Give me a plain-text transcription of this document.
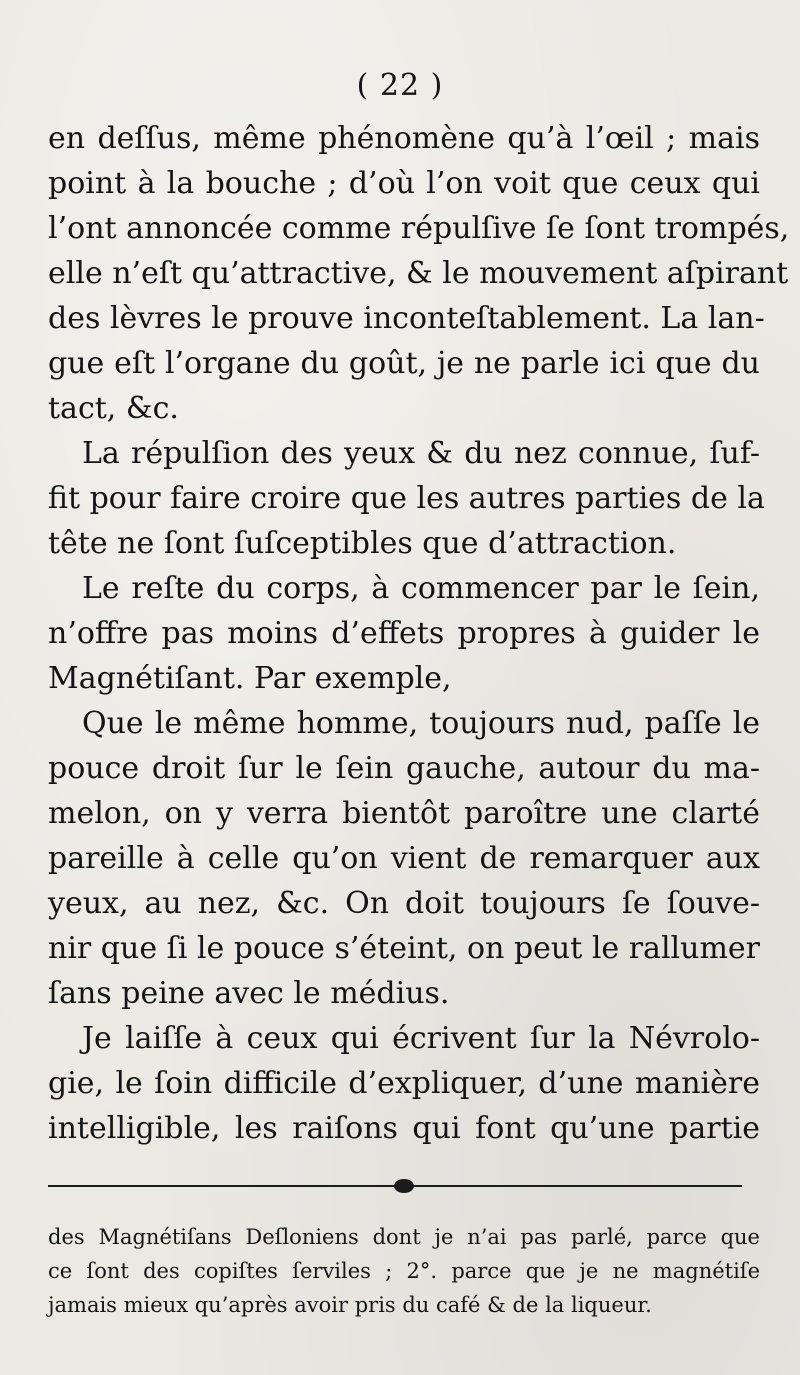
( 22 )
en deſſus, même phénomène qu’à l’œil ; mais
point à la bouche ; d’où l’on voit que ceux qui
l’ont annoncée comme répulſive ſe ſont trompés,
elle n’eſt qu’attractive, & le mouvement aſpirant
des lèvres le prouve inconteſtablement. La lan-
gue eſt l’organe du goût, je ne parle ici que du
tact, &c.
La répulſion des yeux & du nez connue, ſuf-
fit pour faire croire que les autres parties de la
tête ne ſont ſuſceptibles que d’attraction.
Le reſte du corps, à commencer par le ſein,
n’offre pas moins d’effets propres à guider le
Magnétiſant. Par exemple,
Que le même homme, toujours nud, paſſe le
pouce droit ſur le ſein gauche, autour du ma-
melon, on y verra bientôt paroître une clarté
pareille à celle qu’on vient de remarquer aux
yeux, au nez, &c. On doit toujours ſe ſouve-
nir que ſi le pouce s’éteint, on peut le rallumer
ſans peine avec le médius.
Je laiſſe à ceux qui écrivent ſur la Névrolo-
gie, le ſoin difficile d’expliquer, d’une manière
intelligible, les raiſons qui font qu’une partie
des Magnétiſans Deſloniens dont je n’ai pas parlé, parce que
ce ſont des copiſtes ſerviles ; 2°. parce que je ne magnétiſe
jamais mieux qu’après avoir pris du café & de la liqueur.
